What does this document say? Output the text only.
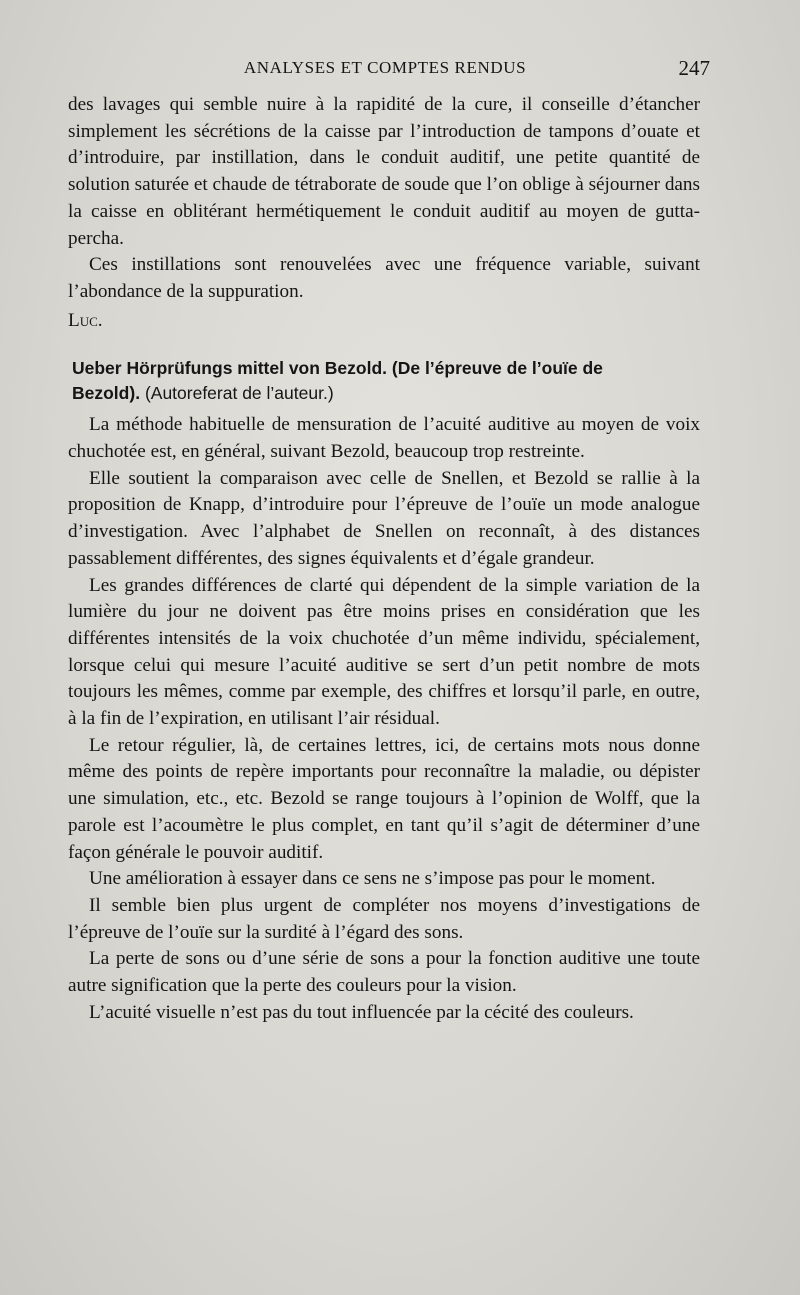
ANALYSES ET COMPTES RENDUS	247

des lavages qui semble nuire à la rapidité de la cure, il conseille d’étancher simplement les sécrétions de la caisse par l’introduction de tampons d’ouate et d’introduire, par instillation, dans le conduit auditif, une petite quantité de solution saturée et chaude de tétraborate de soude que l’on oblige à séjourner dans la caisse en oblitérant hermétiquement le conduit auditif au moyen de gutta-percha.

Ces instillations sont renouvelées avec une fréquence variable, suivant l’abondance de la suppuration.

Luc.

Ueber Hörprüfungs mittel von Bezold. (De l’épreuve de l’ouïe de
Bezold). (Autoreferat de l’auteur.)

La méthode habituelle de mensuration de l’acuité auditive au moyen de voix chuchotée est, en général, suivant Bezold, beaucoup trop restreinte.

Elle soutient la comparaison avec celle de Snellen, et Bezold se rallie à la proposition de Knapp, d’introduire pour l’épreuve de l’ouïe un mode analogue d’investigation. Avec l’alphabet de Snellen on reconnaît, à des distances passablement différentes, des signes équivalents et d’égale grandeur.

Les grandes différences de clarté qui dépendent de la simple variation de la lumière du jour ne doivent pas être moins prises en considération que les différentes intensités de la voix chuchotée d’un même individu, spécialement, lorsque celui qui mesure l’acuité auditive se sert d’un petit nombre de mots toujours les mêmes, comme par exemple, des chiffres et lorsqu’il parle, en outre, à la fin de l’expiration, en utilisant l’air résidual.

Le retour régulier, là, de certaines lettres, ici, de certains mots nous donne même des points de repère importants pour reconnaître la maladie, ou dépister une simulation, etc., etc. Bezold se range toujours à l’opinion de Wolff, que la parole est l’acoumètre le plus complet, en tant qu’il s’agit de déterminer d’une façon générale le pouvoir auditif.

Une amélioration à essayer dans ce sens ne s’impose pas pour le moment.

Il semble bien plus urgent de compléter nos moyens d’investigations de l’épreuve de l’ouïe sur la surdité à l’égard des sons.

La perte de sons ou d’une série de sons a pour la fonction auditive une toute autre signification que la perte des couleurs pour la vision.

L’acuité visuelle n’est pas du tout influencée par la cécité des couleurs.
